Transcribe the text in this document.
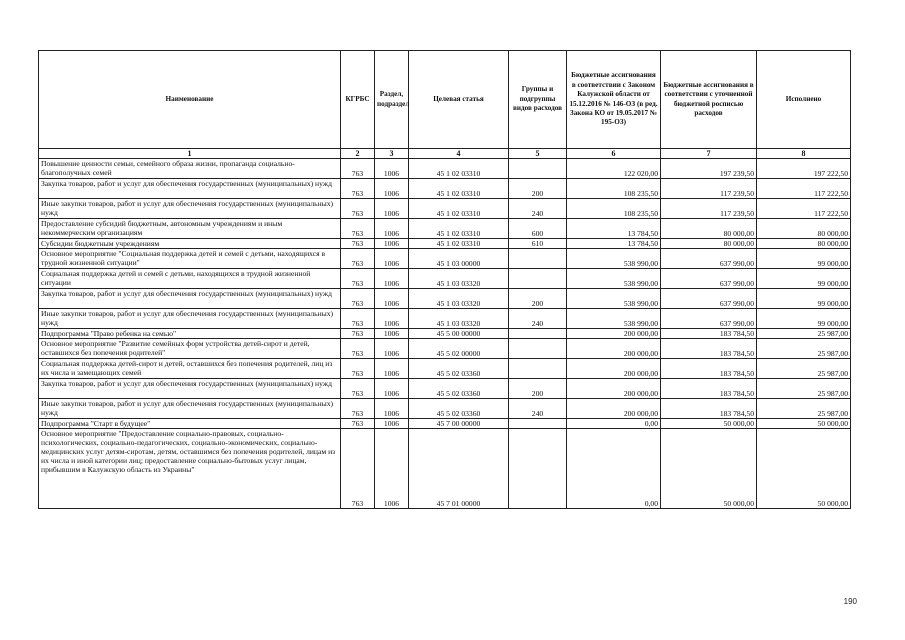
Наименование	КГРБС	Раздел, подраздел	Целевая статья	Группы и подгруппы видов расходов	Бюджетные ассигнования в соответствии с Законом Калужской области от 15.12.2016 № 146-ОЗ (в ред. Закона КО от 19.05.2017 № 195-ОЗ)	Бюджетные ассигнования в соответствии с уточненной бюджетной росписью расходов	Исполнено
1	2	3	4	5	6	7	8
Повышение ценности семьи, семейного образа жизни, пропаганда социально-благополучных семей	763	1006	45 1 02 03310		122 020,00	197 239,50	197 222,50
Закупка товаров, работ и услуг для обеспечения государственных (муниципальных) нужд	763	1006	45 1 02 03310	200	108 235,50	117 239,50	117 222,50
Иные закупки товаров, работ и услуг для обеспечения государственных (муниципальных) нужд	763	1006	45 1 02 03310	240	108 235,50	117 239,50	117 222,50
Предоставление субсидий бюджетным, автономным учреждениям и иным некоммерческим организациям	763	1006	45 1 02 03310	600	13 784,50	80 000,00	80 000,00
Субсидии бюджетным учреждениям	763	1006	45 1 02 03310	610	13 784,50	80 000,00	80 000,00
Основное мероприятие "Социальная поддержка детей и семей с детьми, находящихся в трудной жизненной ситуации"	763	1006	45 1 03 00000		538 990,00	637 990,00	99 000,00
Социальная поддержка детей и семей с детьми, находящихся в трудной жизненной ситуации	763	1006	45 1 03 03320		538 990,00	637 990,00	99 000,00
Закупка товаров, работ и услуг для обеспечения государственных (муниципальных) нужд	763	1006	45 1 03 03320	200	538 990,00	637 990,00	99 000,00
Иные закупки товаров, работ и услуг для обеспечения государственных (муниципальных) нужд	763	1006	45 1 03 03320	240	538 990,00	637 990,00	99 000,00
Подпрограмма "Право ребенка на семью"	763	1006	45 5 00 00000		200 000,00	183 784,50	25 987,00
Основное мероприятие "Развитие семейных форм устройства детей-сирот и детей, оставшихся без попечения родителей"	763	1006	45 5 02 00000		200 000,00	183 784,50	25 987,00
Социальная поддержка детей-сирот и детей, оставшихся без попечения родителей, лиц из их числа и замещающих семей	763	1006	45 5 02 03360		200 000,00	183 784,50	25 987,00
Закупка товаров, работ и услуг для обеспечения государственных (муниципальных) нужд	763	1006	45 5 02 03360	200	200 000,00	183 784,50	25 987,00
Иные закупки товаров, работ и услуг для обеспечения государственных (муниципальных) нужд	763	1006	45 5 02 03360	240	200 000,00	183 784,50	25 987,00
Подпрограмма "Старт в будущее"	763	1006	45 7 00 00000		0,00	50 000,00	50 000,00
Основное мероприятие "Предоставление социально-правовых, социально-психологических, социально-педагогических, социально-экономических, социально-медицинских услуг детям-сиротам, детям, оставшимся без попечения родителей, лицам из их числа и иной категории лиц; предоставление социально-бытовых услуг лицам, прибывшим в Калужскую область из Украины"	763	1006	45 7 01 00000		0,00	50 000,00	50 000,00
190
